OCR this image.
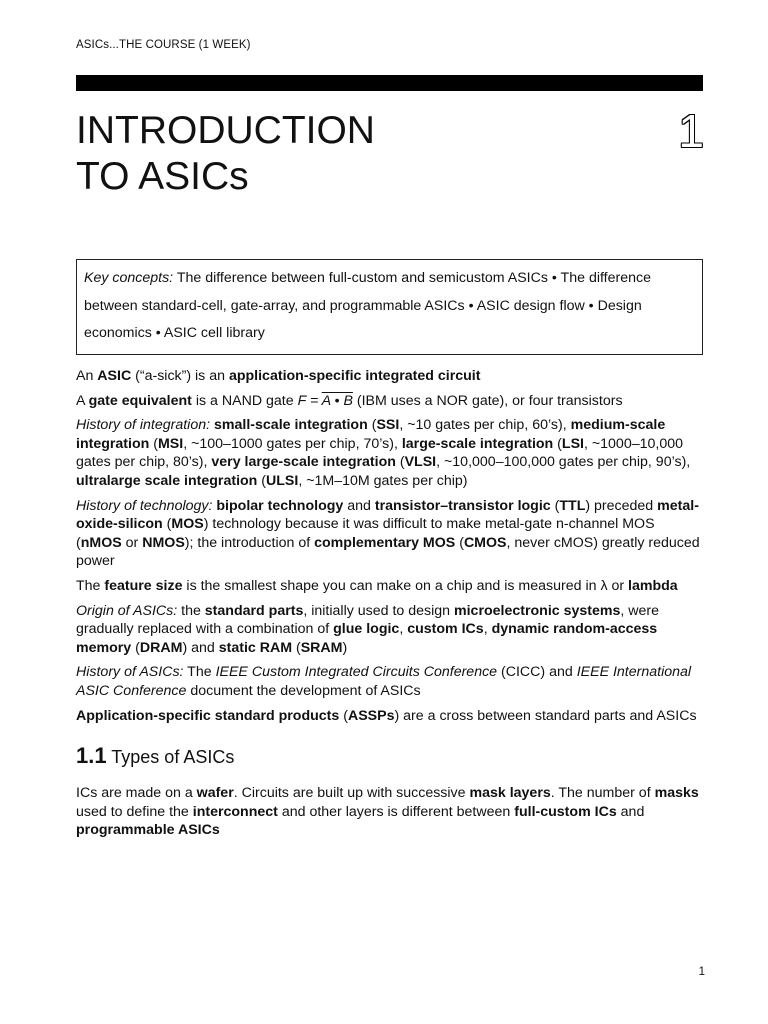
ASICs...THE COURSE (1 WEEK)
INTRODUCTION
TO ASICs
1
Key concepts: The difference between full-custom and semicustom ASICs • The difference between standard-cell, gate-array, and programmable ASICs • ASIC design flow • Design economics • ASIC cell library

An ASIC (“a-sick”) is an application-specific integrated circuit

A gate equivalent is a NAND gate F = A • B (IBM uses a NOR gate), or four transistors

History of integration: small-scale integration (SSI, ~10 gates per chip, 60’s), medium-scale integration (MSI, ~100–1000 gates per chip, 70’s), large-scale integration (LSI, ~1000–10,000 gates per chip, 80’s), very large-scale integration (VLSI, ~10,000–100,000 gates per chip, 90’s), ultralarge scale integration (ULSI, ~1M–10M gates per chip)

History of technology: bipolar technology and transistor–transistor logic (TTL) preceded metal-oxide-silicon (MOS) technology because it was difficult to make metal-gate n-channel MOS (nMOS or NMOS); the introduction of complementary MOS (CMOS, never cMOS) greatly reduced power

The feature size is the smallest shape you can make on a chip and is measured in λ or lambda

Origin of ASICs: the standard parts, initially used to design microelectronic systems, were gradually replaced with a combination of glue logic, custom ICs, dynamic random-access memory (DRAM) and static RAM (SRAM)

History of ASICs: The IEEE Custom Integrated Circuits Conference (CICC) and IEEE International ASIC Conference document the development of ASICs

Application-specific standard products (ASSPs) are a cross between standard parts and ASICs

1.1 Types of ASICs

ICs are made on a wafer. Circuits are built up with successive mask layers. The number of masks used to define the interconnect and other layers is different between full-custom ICs and programmable ASICs

1
